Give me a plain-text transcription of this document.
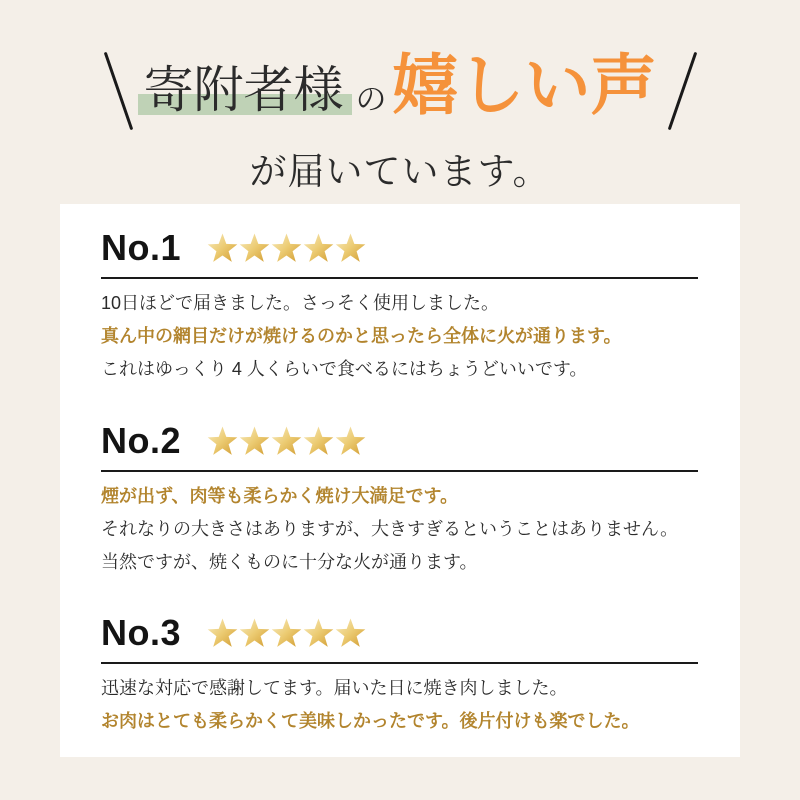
寄附者様 の 嬉しい声
が届いています。
No.1

10日ほどで届きました。さっそく使用しました。

真ん中の網目だけが焼けるのかと思ったら全体に火が通ります。

これはゆっくり 4 人くらいで食べるにはちょうどいいです。

No.2

煙が出ず、肉等も柔らかく焼け大満足です。

それなりの大きさはありますが、大きすぎるということはありません。

当然ですが、焼くものに十分な火が通ります。

No.3

迅速な対応で感謝してます。届いた日に焼き肉しました。

お肉はとても柔らかくて美味しかったです。後片付けも楽でした。
